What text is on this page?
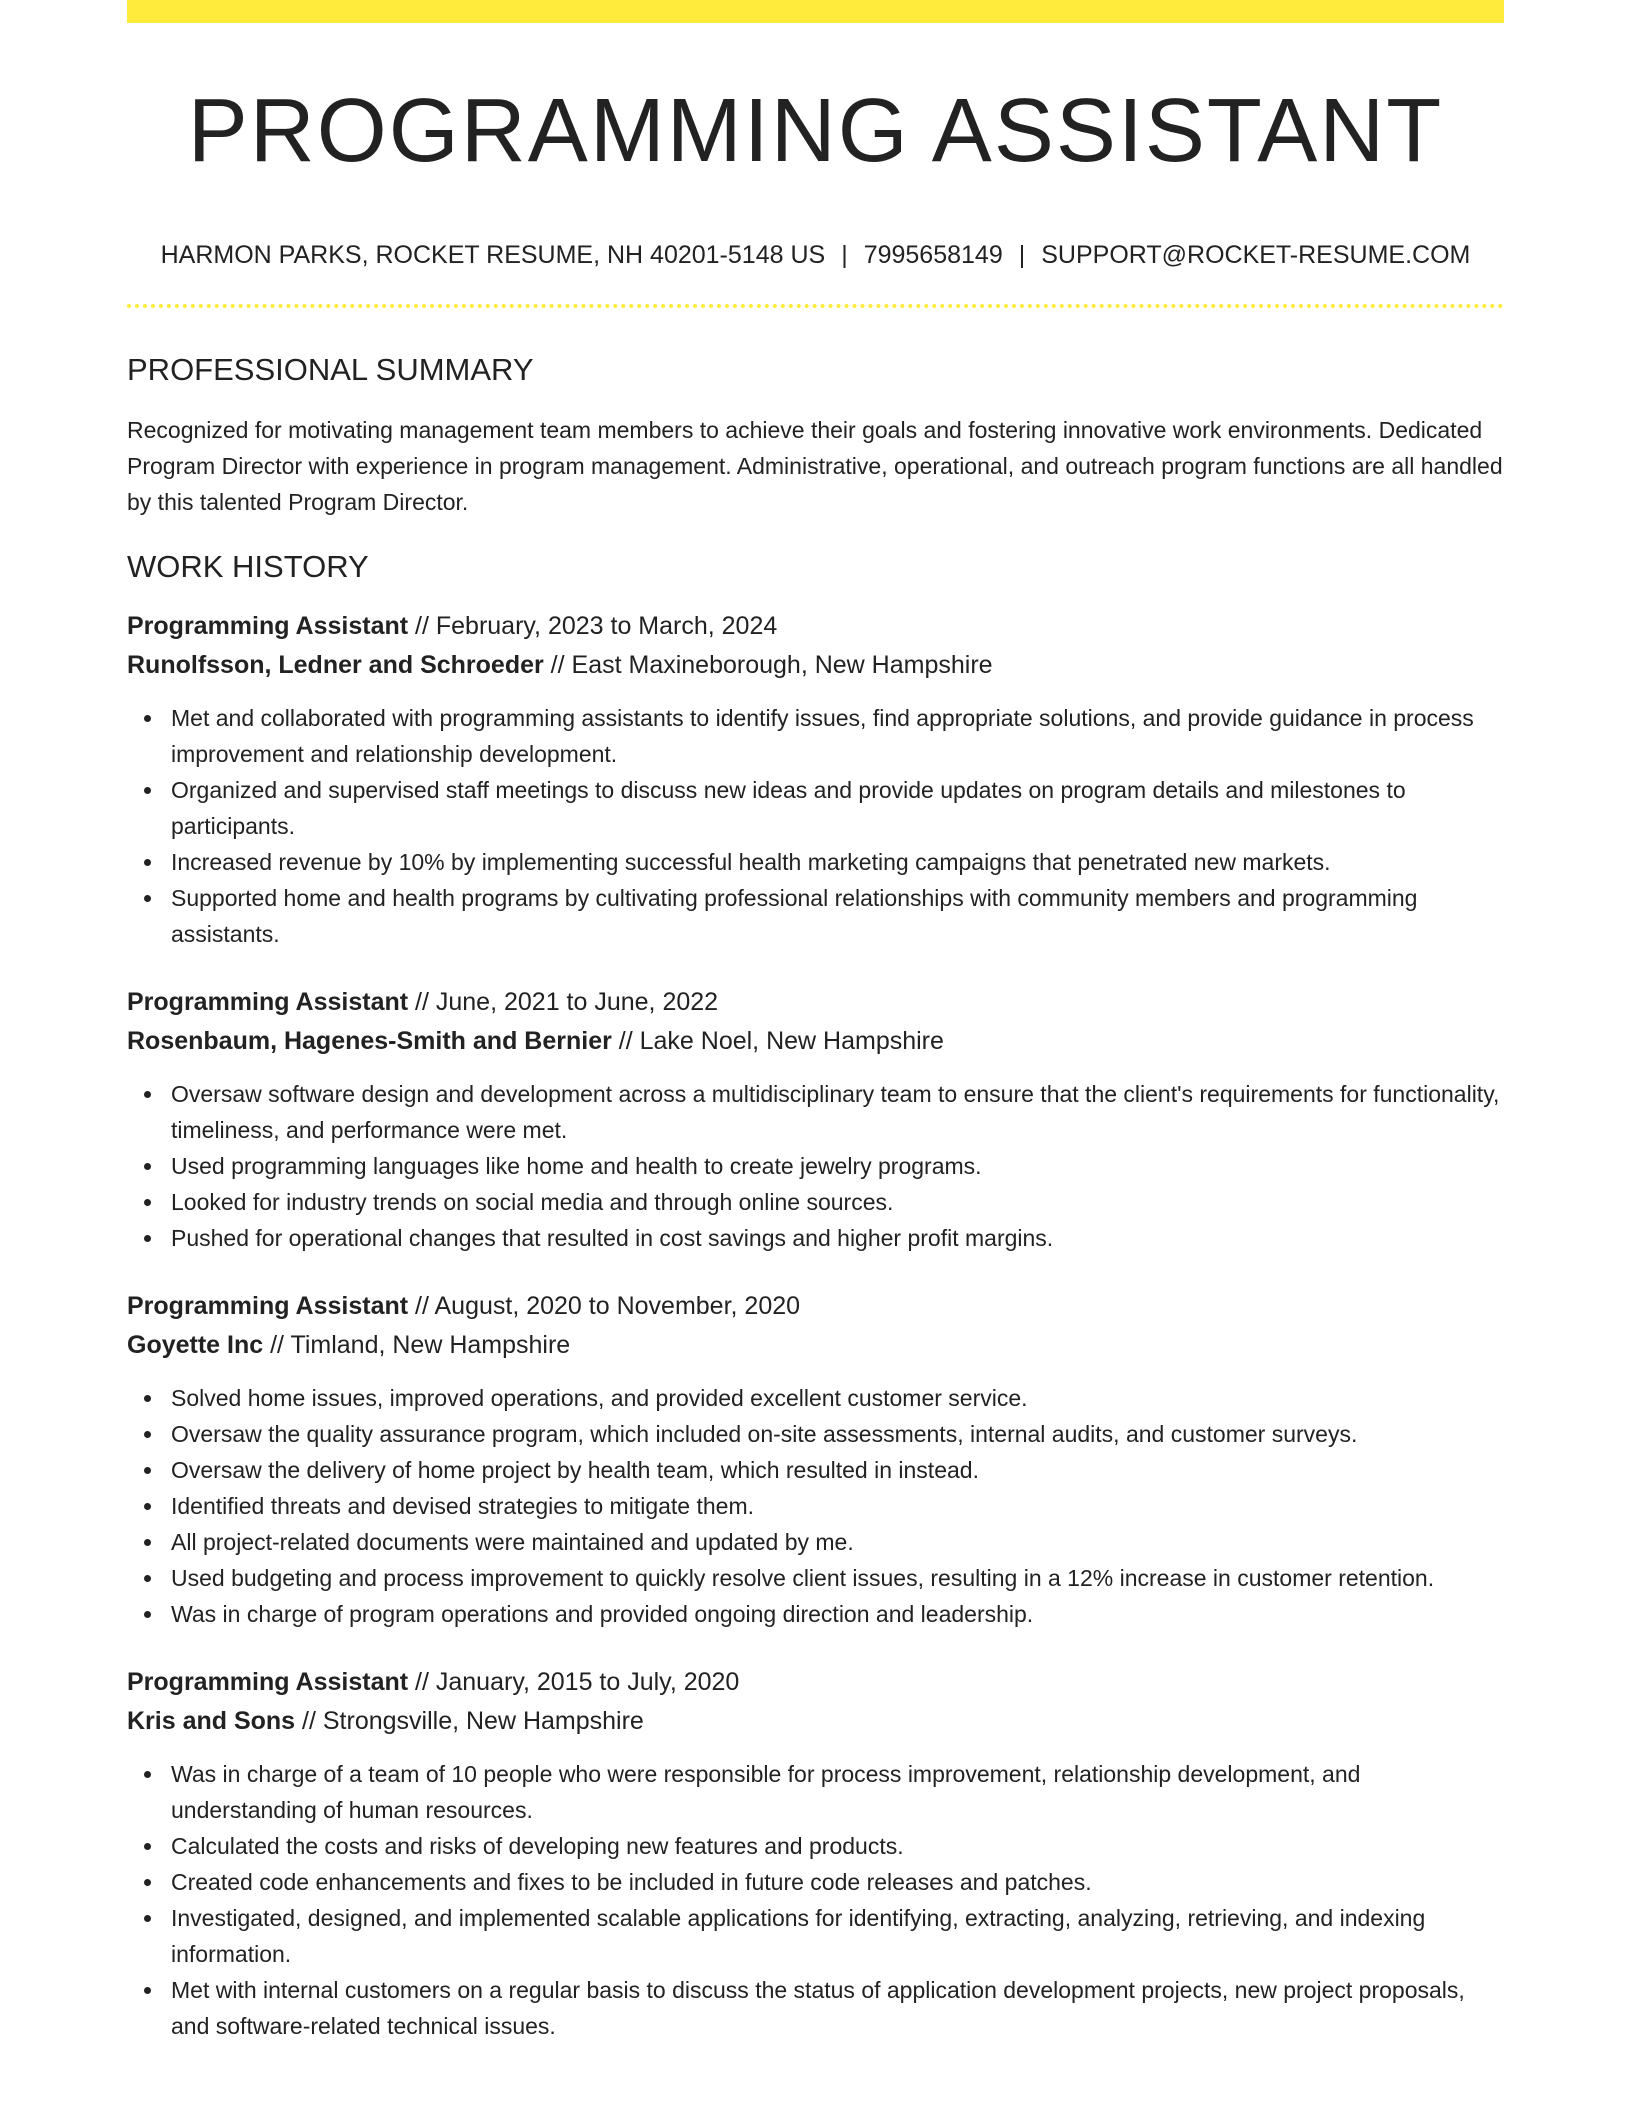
PROGRAMMING ASSISTANT
HARMON PARKS, ROCKET RESUME, NH 40201-5148 US | 7995658149 | SUPPORT@ROCKET-RESUME.COM
PROFESSIONAL SUMMARY

Recognized for motivating management team members to achieve their goals and fostering innovative work environments. Dedicated Program Director with experience in program management. Administrative, operational, and outreach program functions are all handled by this talented Program Director.

WORK HISTORY
Programming Assistant // February, 2023 to March, 2024
Runolfsson, Ledner and Schroeder // East Maxineborough, New Hampshire
Met and collaborated with programming assistants to identify issues, find appropriate solutions, and provide guidance in process improvement and relationship development.
Organized and supervised staff meetings to discuss new ideas and provide updates on program details and milestones to participants.
Increased revenue by 10% by implementing successful health marketing campaigns that penetrated new markets.
Supported home and health programs by cultivating professional relationships with community members and programming assistants.
Programming Assistant // June, 2021 to June, 2022
Rosenbaum, Hagenes-Smith and Bernier // Lake Noel, New Hampshire
Oversaw software design and development across a multidisciplinary team to ensure that the client's requirements for functionality, timeliness, and performance were met.
Used programming languages like home and health to create jewelry programs.
Looked for industry trends on social media and through online sources.
Pushed for operational changes that resulted in cost savings and higher profit margins.
Programming Assistant // August, 2020 to November, 2020
Goyette Inc // Timland, New Hampshire
Solved home issues, improved operations, and provided excellent customer service.
Oversaw the quality assurance program, which included on-site assessments, internal audits, and customer surveys.
Oversaw the delivery of home project by health team, which resulted in instead.
Identified threats and devised strategies to mitigate them.
All project-related documents were maintained and updated by me.
Used budgeting and process improvement to quickly resolve client issues, resulting in a 12% increase in customer retention.
Was in charge of program operations and provided ongoing direction and leadership.
Programming Assistant // January, 2015 to July, 2020
Kris and Sons // Strongsville, New Hampshire
Was in charge of a team of 10 people who were responsible for process improvement, relationship development, and understanding of human resources.
Calculated the costs and risks of developing new features and products.
Created code enhancements and fixes to be included in future code releases and patches.
Investigated, designed, and implemented scalable applications for identifying, extracting, analyzing, retrieving, and indexing information.
Met with internal customers on a regular basis to discuss the status of application development projects, new project proposals, and software-related technical issues.
